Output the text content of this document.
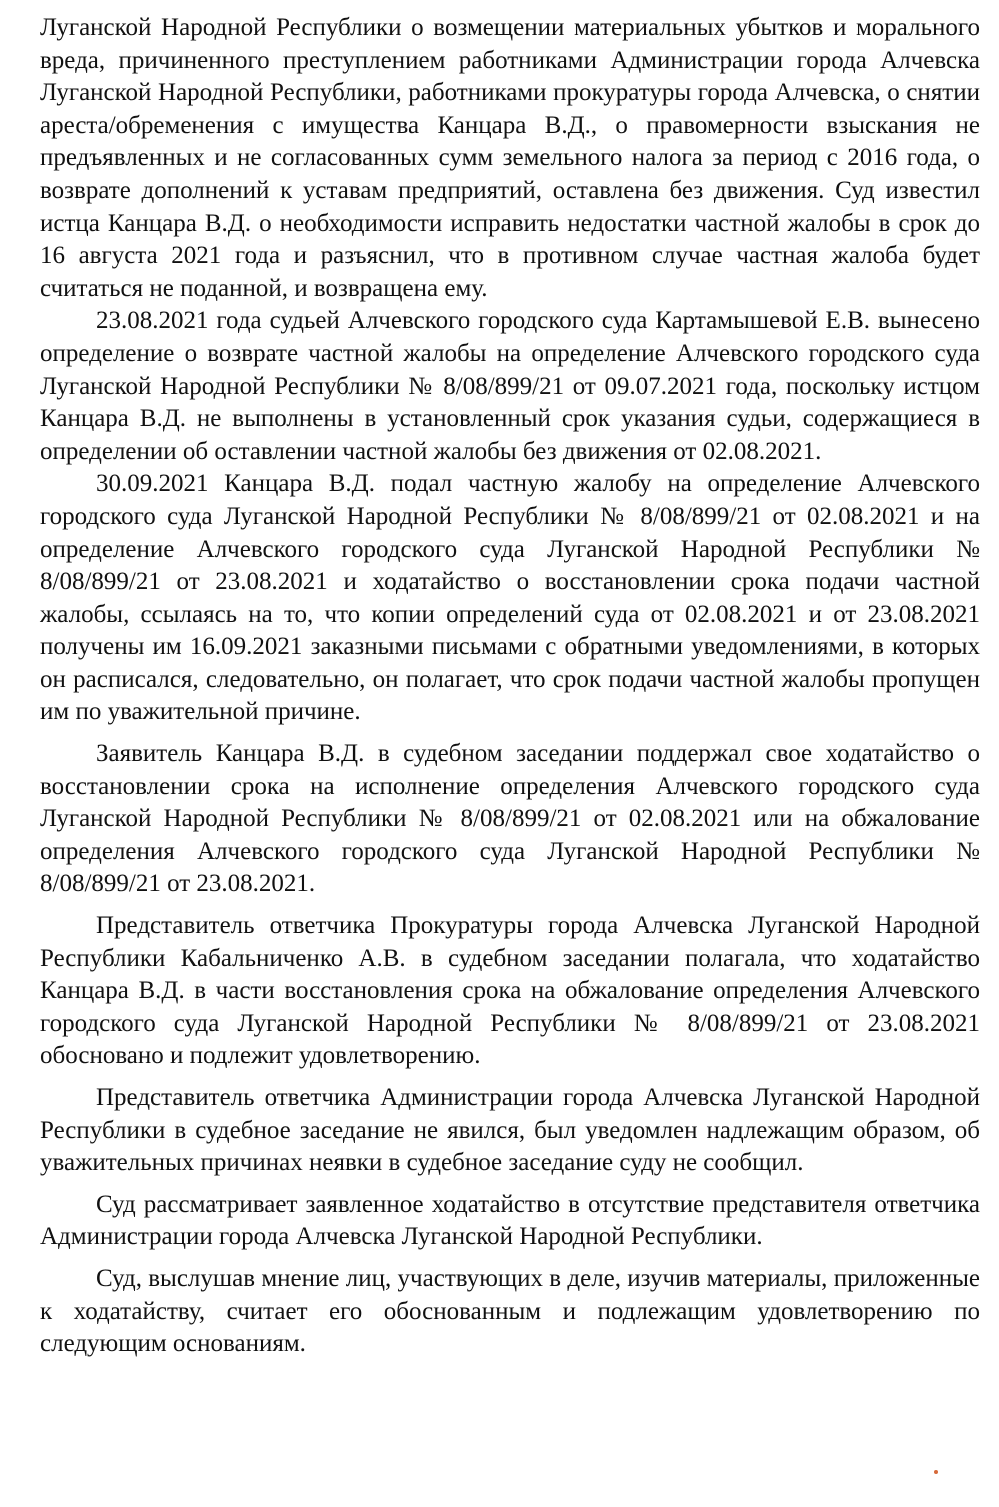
Луганской Народной Республики о возмещении материальных убытков и морального вреда, причиненного преступлением работниками Администрации города Алчевска Луганской Народной Республики, работниками прокуратуры города Алчевска, о снятии ареста/обременения с имущества Канцара В.Д., о правомерности взыскания не предъявленных и не согласованных сумм земельного налога за период с 2016 года, о возврате дополнений к уставам предприятий, оставлена без движения. Суд известил истца Канцара В.Д. о необходимости исправить недостатки частной жалобы в срок до 16 августа 2021 года и разъяснил, что в противном случае частная жалоба будет считаться не поданной, и возвращена ему.

23.08.2021 года судьей Алчевского городского суда Картамышевой Е.В. вынесено определение о возврате частной жалобы на определение Алчевского городского суда Луганской Народной Республики № 8/08/899/21 от 09.07.2021 года, поскольку истцом Канцара В.Д. не выполнены в установленный срок указания судьи, содержащиеся в определении об оставлении частной жалобы без движения от 02.08.2021.

30.09.2021 Канцара В.Д. подал частную жалобу на определение Алчевского городского суда Луганской Народной Республики № 8/08/899/21 от 02.08.2021 и на определение Алчевского городского суда Луганской Народной Республики № 8/08/899/21 от 23.08.2021 и ходатайство о восстановлении срока подачи частной жалобы, ссылаясь на то, что копии определений суда от 02.08.2021 и от 23.08.2021 получены им 16.09.2021 заказными письмами с обратными уведомлениями, в которых он расписался, следовательно, он полагает, что срок подачи частной жалобы пропущен им по уважительной причине.

Заявитель Канцара В.Д. в судебном заседании поддержал свое ходатайство о восстановлении срока на исполнение определения Алчевского городского суда Луганской Народной Республики № 8/08/899/21 от 02.08.2021 или на обжалование определения Алчевского городского суда Луганской Народной Республики № 8/08/899/21 от 23.08.2021.

Представитель ответчика Прокуратуры города Алчевска Луганской Народной Республики Кабальниченко А.В. в судебном заседании полагала, что ходатайство Канцара В.Д. в части восстановления срока на обжалование определения Алчевского городского суда Луганской Народной Республики № 8/08/899/21 от 23.08.2021 обосновано и подлежит удовлетворению.

Представитель ответчика Администрации города Алчевска Луганской Народной Республики в судебное заседание не явился, был уведомлен надлежащим образом, об уважительных причинах неявки в судебное заседание суду не сообщил.

Суд рассматривает заявленное ходатайство в отсутствие представителя ответчика Администрации города Алчевска Луганской Народной Республики.

Суд, выслушав мнение лиц, участвующих в деле, изучив материалы, приложенные к ходатайству, считает его обоснованным и подлежащим удовлетворению по следующим основаниям.
